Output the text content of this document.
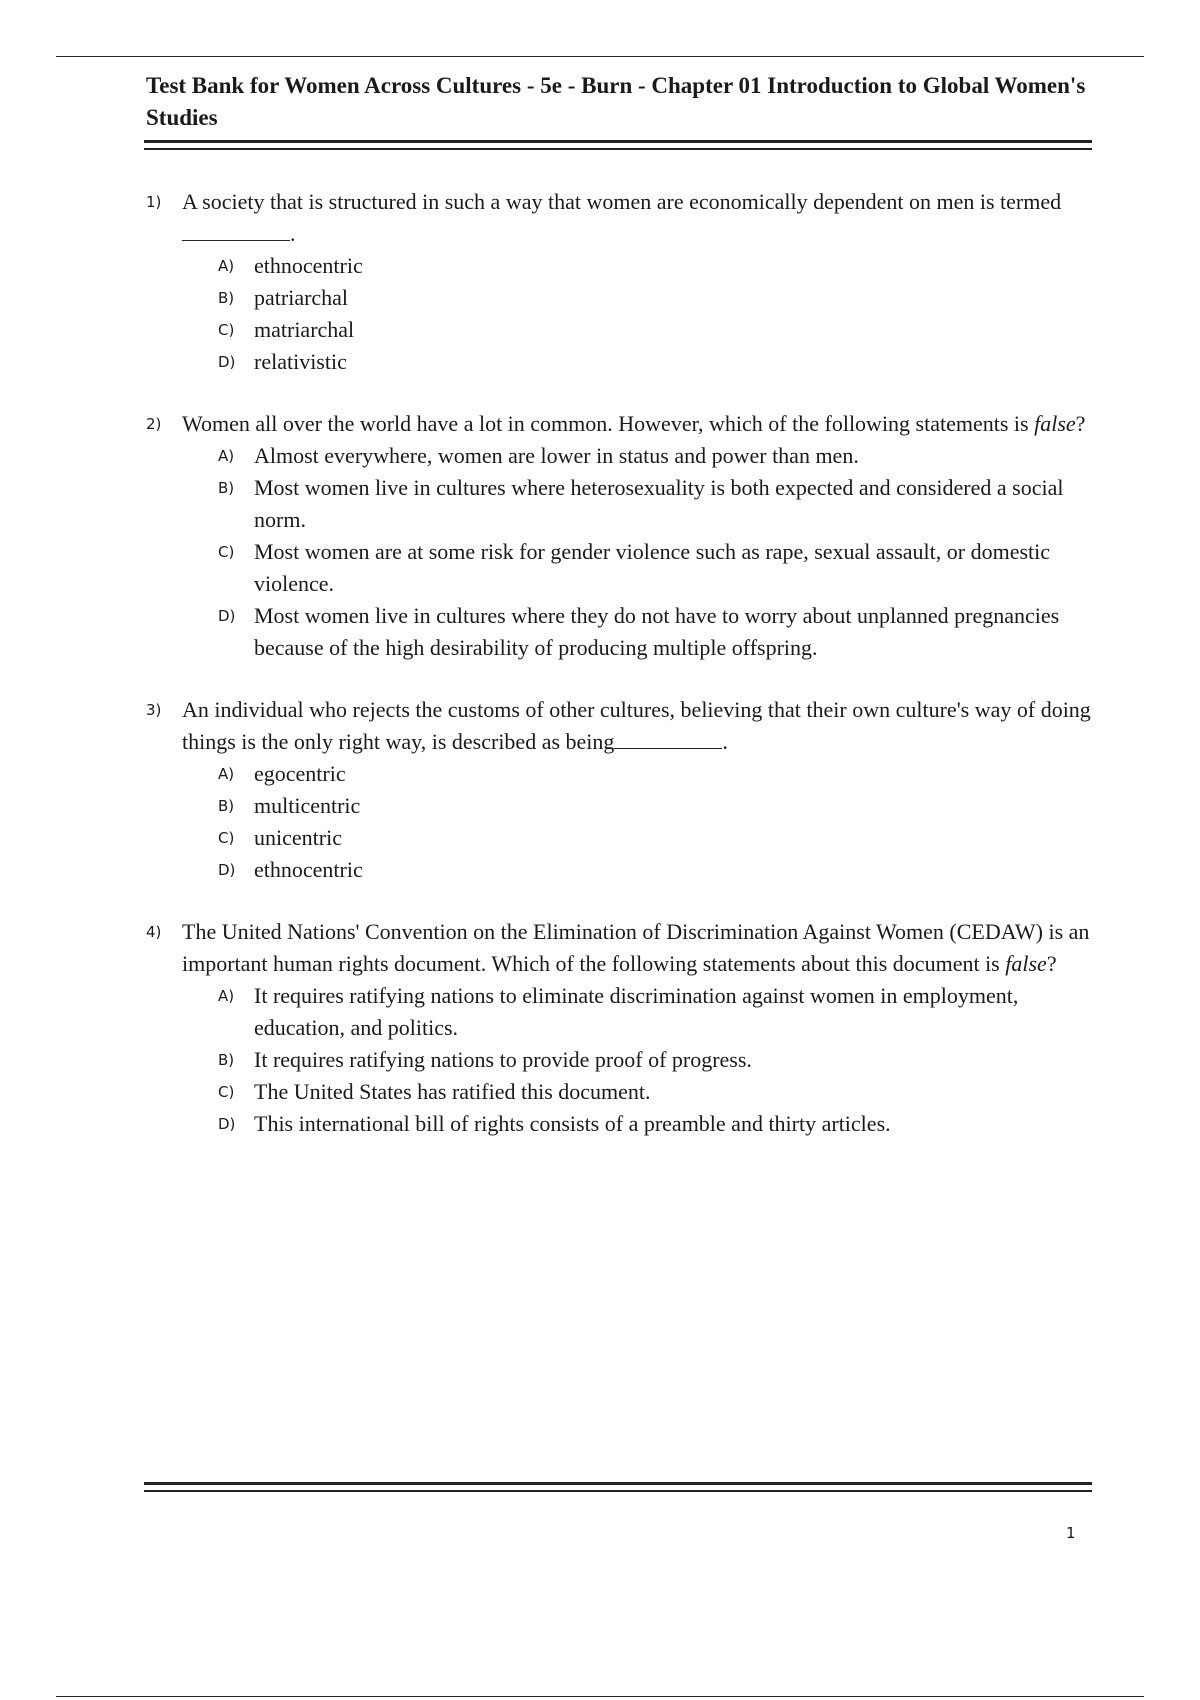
Test Bank for Women Across Cultures - 5e - Burn - Chapter 01 Introduction to Global Women's Studies
1) A society that is structured in such a way that women are economically dependent on men is termed.
A) ethnocentric
B) patriarchal
C) matriarchal
D) relativistic
2) Women all over the world have a lot in common. However, which of the following statements is false?
A) Almost everywhere, women are lower in status and power than men.
B) Most women live in cultures where heterosexuality is both expected and considered a social norm.
C) Most women are at some risk for gender violence such as rape, sexual assault, or domestic violence.
D) Most women live in cultures where they do not have to worry about unplanned pregnancies because of the high desirability of producing multiple offspring.
3) An individual who rejects the customs of other cultures, believing that their own culture's way of doing things is the only right way, is described as being	.
A) egocentric
B) multicentric
C) unicentric
D) ethnocentric
4) The United Nations' Convention on the Elimination of Discrimination Against Women (CEDAW) is an important human rights document. Which of the following statements about this document is false?
A) It requires ratifying nations to eliminate discrimination against women in employment, education, and politics.
B) It requires ratifying nations to provide proof of progress.
C) The United States has ratified this document.
D) This international bill of rights consists of a preamble and thirty articles.
1
